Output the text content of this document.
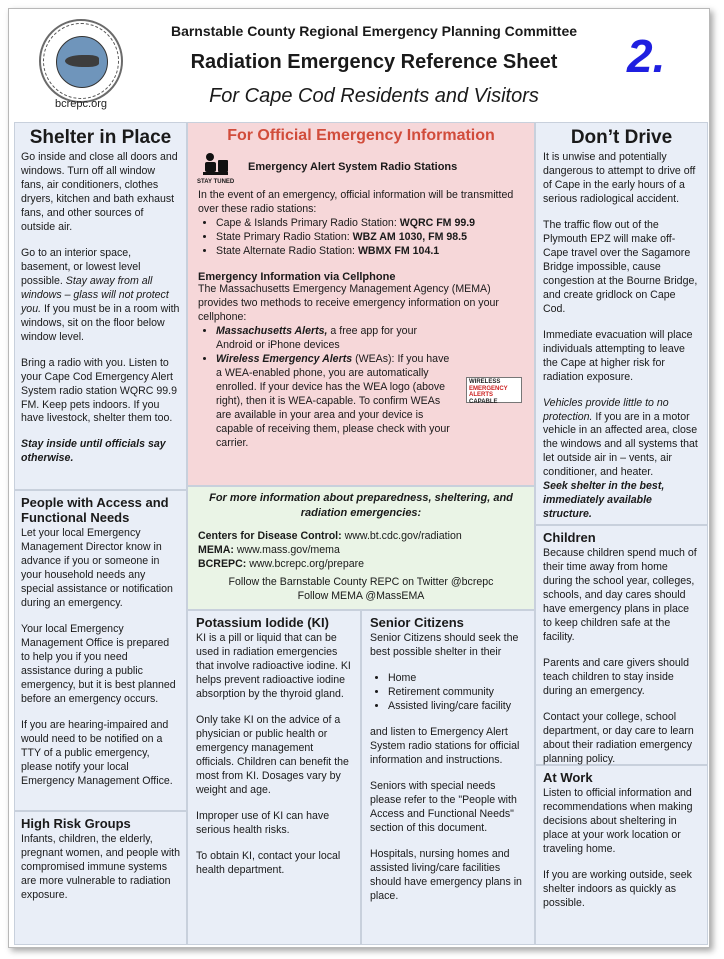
bcrepc.org
Barnstable County Regional Emergency Planning Committee
Radiation Emergency Reference Sheet
For Cape Cod Residents and Visitors
2.
Shelter in Place

Go inside and close all doors and windows. Turn off all window fans, air conditioners, clothes dryers, kitchen and bath exhaust fans, and other sources of outside air.

Go to an interior space, basement, or lowest level possible. Stay away from all windows – glass will not protect you. If you must be in a room with windows, sit on the floor below window level.

Bring a radio with you. Listen to your Cape Cod Emergency Alert System radio station WQRC 99.9 FM. Keep pets indoors. If you have livestock, shelter them too.

Stay inside until officials say otherwise.

People with Access and Functional Needs

Let your local Emergency Management Director know in advance if you or someone in your household needs any special assistance or notification during an emergency.

Your local Emergency Management Office is prepared to help you if you need assistance during a public emergency, but it is best planned before an emergency occurs.

If you are hearing-impaired and would need to be notified on a TTY of a public emergency, please notify your local Emergency Management Office.

High Risk Groups

Infants, children, the elderly, pregnant women, and people with compromised immune systems are more vulnerable to radiation exposure.

For Official Emergency Information
STAY TUNED
Emergency Alert System Radio Stations

In the event of an emergency, official information will be transmitted over these radio stations:

• Cape & Islands Primary Radio Station: WQRC FM 99.9
• State Primary Radio Station: WBZ AM 1030, FM 98.5
• State Alternate Radio Station: WBMX FM 104.1
Emergency Information via Cellphone

The Massachusetts Emergency Management Agency (MEMA) provides two methods to receive emergency information on your cellphone:

• Massachusetts Alerts, a free app for your Android or iPhone devices
• Wireless Emergency Alerts (WEAs): If you have a WEA-enabled phone, you are automatically enrolled. If your device has the WEA logo (above right), then it is WEA-capable. To confirm WEAs are available in your area and your device is capable of receiving them, please check with your carrier.
WIRELESS
EMERGENCY
ALERTS
CAPABLE
For more information about preparedness, sheltering, and radiation emergencies:
Centers for Disease Control: www.bt.cdc.gov/radiation
MEMA: www.mass.gov/mema
BCREPC: www.bcrepc.org/prepare
Follow the Barnstable County REPC on Twitter @bcrepc
Follow MEMA @MassEMA
Potassium Iodide (KI)

KI is a pill or liquid that can be used in radiation emergencies that involve radioactive iodine. KI helps prevent radioactive iodine absorption by the thyroid gland.

Only take KI on the advice of a physician or public health or emergency management officials. Children can benefit the most from KI. Dosages vary by weight and age.

Improper use of KI can have serious health risks.

To obtain KI, contact your local health department.

Senior Citizens

Senior Citizens should seek the best possible shelter in their

• Home
• Retirement community
• Assisted living/care facility

and listen to Emergency Alert System radio stations for official information and instructions.

Seniors with special needs please refer to the "People with Access and Functional Needs" section of this document.

Hospitals, nursing homes and assisted living/care facilities should have emergency plans in place.

Don’t Drive

It is unwise and potentially dangerous to attempt to drive off of Cape in the early hours of a serious radiological accident.

The traffic flow out of the Plymouth EPZ will make off-Cape travel over the Sagamore Bridge impossible, cause congestion at the Bourne Bridge, and create gridlock on Cape Cod.

Immediate evacuation will place individuals attempting to leave the Cape at higher risk for radiation exposure.

Vehicles provide little to no protection. If you are in a motor vehicle in an affected area, close the windows and all systems that let outside air in – vents, air conditioner, and heater.
Seek shelter in the best, immediately available structure.

Children

Because children spend much of their time away from home during the school year, colleges, schools, and day cares should have emergency plans in place to keep children safe at the facility.

Parents and care givers should teach children to stay inside during an emergency.

Contact your college, school department, or day care to learn about their radiation emergency planning policy.

At Work

Listen to official information and recommendations when making decisions about sheltering in place at your work location or traveling home.

If you are working outside, seek shelter indoors as quickly as possible.
